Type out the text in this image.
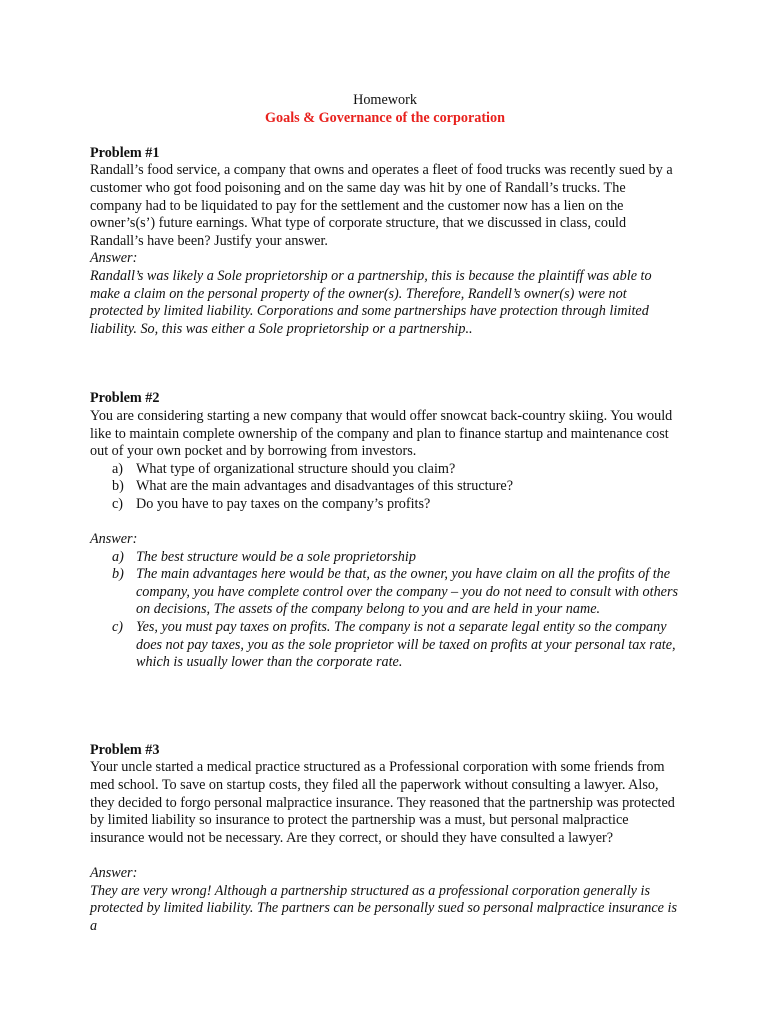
Homework

Goals & Governance of the corporation

Problem #1

Randall’s food service, a company that owns and operates a fleet of food trucks was recently sued by a customer who got food poisoning and on the same day was hit by one of Randall’s trucks. The company had to be liquidated to pay for the settlement and the customer now has a lien on the owner’s(s’) future earnings. What type of corporate structure, that we discussed in class, could Randall’s have been? Justify your answer.

Answer:

Randall’s was likely a Sole proprietorship or a partnership, this is because the plaintiff was able to make a claim on the personal property of the owner(s). Therefore, Randell’s owner(s) were not protected by limited liability. Corporations and some partnerships have protection through limited liability. So, this was either a Sole proprietorship or a partnership..

Problem #2

You are considering starting a new company that would offer snowcat back-country skiing. You would like to maintain complete ownership of the company and plan to finance startup and maintenance cost out of your own pocket and by borrowing from investors.

a) What type of organizational structure should you claim?
b) What are the main advantages and disadvantages of this structure?
c) Do you have to pay taxes on the company’s profits?

Answer:

a) The best structure would be a sole proprietorship
b) The main advantages here would be that, as the owner, you have claim on all the profits of the company, you have complete control over the company – you do not need to consult with others on decisions, The assets of the company belong to you and are held in your name.
c) Yes, you must pay taxes on profits. The company is not a separate legal entity so the company does not pay taxes, you as the sole proprietor will be taxed on profits at your personal tax rate, which is usually lower than the corporate rate.

Problem #3

Your uncle started a medical practice structured as a Professional corporation with some friends from med school. To save on startup costs, they filed all the paperwork without consulting a lawyer. Also, they decided to forgo personal malpractice insurance. They reasoned that the partnership was protected by limited liability so insurance to protect the partnership was a must, but personal malpractice insurance would not be necessary. Are they correct, or should they have consulted a lawyer?

Answer:

They are very wrong! Although a partnership structured as a professional corporation generally is protected by limited liability. The partners can be personally sued so personal malpractice insurance is a
